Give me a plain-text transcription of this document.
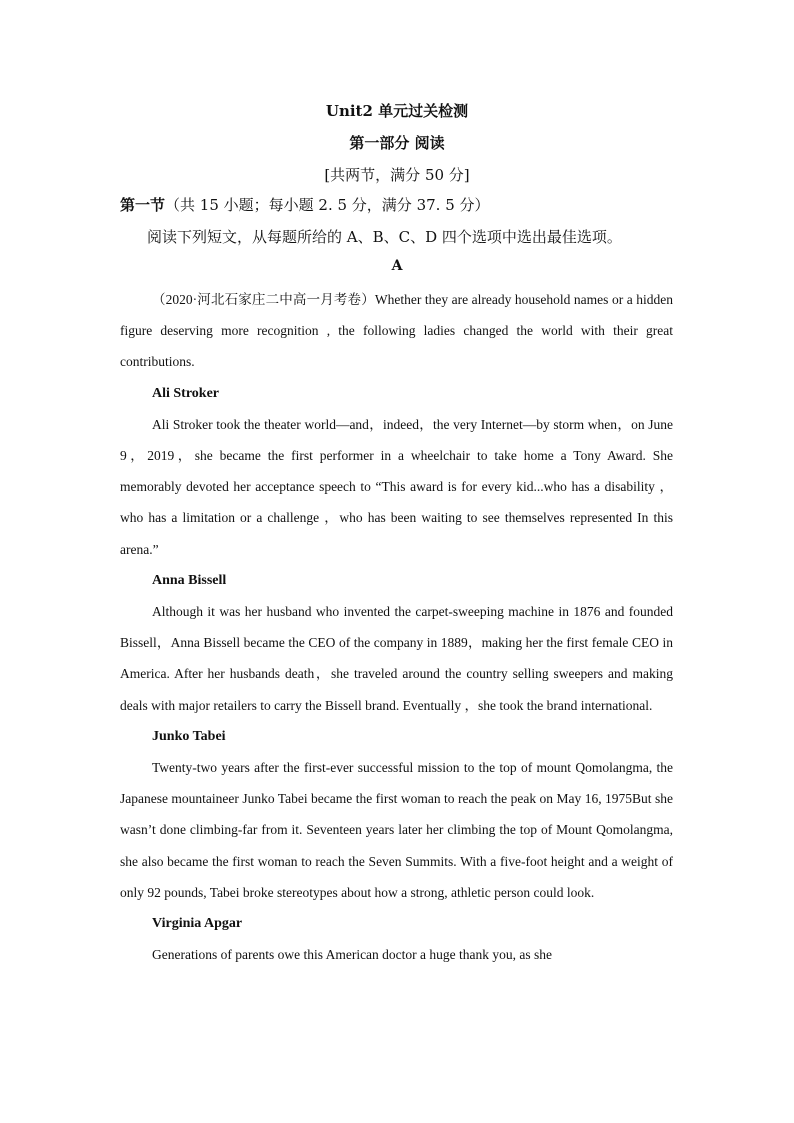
Unit2 单元过关检测
第一部分 阅读
[共两节，满分 50 分]
第一节（共 15 小题；每小题 2. 5 分，满分 37. 5 分）
阅读下列短文，从每题所给的 A、B、C、D 四个选项中选出最佳选项。
A

（2020·河北石家庄二中高一月考卷）Whether they are already household names or a hidden figure deserving more recognition , the following ladies changed the world with their great contributions.

Ali Stroker

Ali Stroker took the theater world—and，indeed，the very Internet—by storm when，on June 9，2019，she became the first performer in a wheelchair to take home a Tony Award. She memorably devoted her acceptance speech to “This award is for every kid...who has a disability ，who has a limitation or a challenge ，who has been waiting to see themselves represented In this arena.”

Anna Bissell

Although it was her husband who invented the carpet-sweeping machine in 1876 and founded Bissell，Anna Bissell became the CEO of the company in 1889，making her the first female CEO in America. After her husbands death，she traveled around the country selling sweepers and making deals with major retailers to carry the Bissell brand. Eventually ，she took the brand international.

Junko Tabei

Twenty-two years after the first-ever successful mission to the top of mount Qomolangma, the Japanese mountaineer Junko Tabei became the first woman to reach the peak on May 16, 1975But she wasn’t done climbing-far from it. Seventeen years later her climbing the top of Mount Qomolangma, she also became the first woman to reach the Seven Summits. With a five-foot height and a weight of only 92 pounds, Tabei broke stereotypes about how a strong, athletic person could look.

Virginia Apgar

Generations of parents owe this American doctor a huge thank you, as she
